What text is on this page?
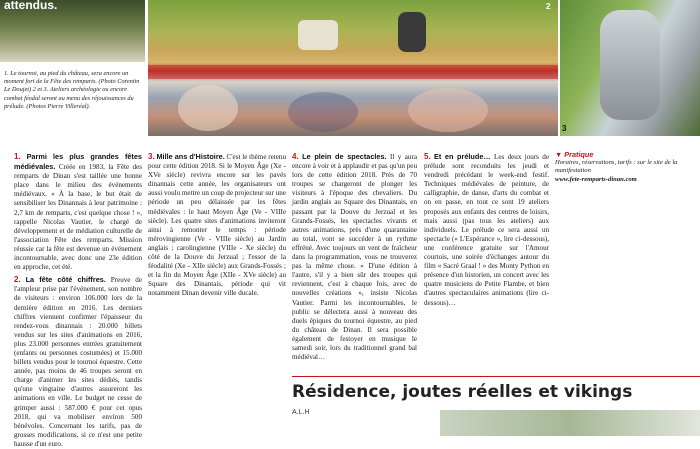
attendus.	2
3

1. Le tournoi, au pied du château, sera encore un moment fort de la Fête des remparts. (Photo Corentin Le Doujet) 2 et 3. Ateliers archéologie ou encore combat féodal seront au menu des réjouissances du prélude. (Photos Pierre Villeréal).

1. Parmi les plus grandes fêtes médiévales. Créée en 1983, la Fête des remparts de Dinan s'est taillée une bonne place dans le milieu des événements médiévaux. « À la base, le but était de sensibiliser les Dinannais à leur patrimoine : 2,7 km de remparts, c'est quelque chose ! », rappelle Nicolas Vautier, le chargé de développement et de médiation culturelle de l'association Fête des remparts. Mission réussie car la fête est devenue un événement incontournable, avec donc une 23e édition en approche, cet été.

2. La fête côté chiffres. Preuve de l'ampleur prise par l'événement, son nombre de visiteurs : environ 106.000 lors de la dernière édition en 2016. Les derniers chiffres viennent confirmer l'épaisseur du rendez-vous dinannais : 20.000 billets vendus sur les sites d'animations en 2016, plus 23.000 personnes entrées gratuitement (enfants ou personnes costumées) et 15.000 billets vendus pour le tournoi équestre. Cette année, pas moins de 46 troupes seront en charge d'animer les sites dédiés, tandis qu'une vingtaine d'autres assureront les animations en ville. Le budget ne cesse de grimper aussi : 587.000 € pour cet opus 2018, qui va mobiliser environ 500 bénévoles. Concernant les tarifs, pas de grosses modifications, si ce n'est une petite hausse d'un euro.

3. Mille ans d'Histoire. C'est le thème retenu pour cette édition 2018. Si le Moyen Âge (Xe - XVe siècle) revivra encore sur les pavés dinannais cette année, les organisateurs ont aussi voulu mettre un coup de projecteur sur une période un peu délaissée par les fêtes médiévales : le haut Moyen Âge (Ve - VIIIe siècle). Les quatre sites d'animations inviteront ainsi à remonter le temps : période mérovingienne (Ve - VIIIe siècle) au Jardin anglais ; carolingienne (VIIIe - Xe siècle) du côté de la Douve du Jerzual ; l'essor de la féodalité (Xe - XIIe siècle) aux Grands-Fossés ; et la fin du Moyen Âge (XIIe - XVe siècle) au Square des Dinantais, période qui vit notamment Dinan devenir ville ducale.

4. Le plein de spectacles. Il y aura encore à voir et à applaudir et pas qu'un peu lors de cette édition 2018. Près de 70 troupes se chargeront de plonger les visiteurs à l'époque des chevaliers. Du jardin anglais au Square des Dinantais, en passant par la Douve du Jerzual et les Grands-Fossés, les spectacles vivants et autres animations, près d'une quarantaine au total, vont se succéder à un rythme effréné. Avec toujours un vent de fraîcheur dans la programmation, vous ne trouverez pas la même chose. « D'une édition à l'autre, s'il y a bien sûr des troupes qui reviennent, c'est à chaque fois, avec de nouvelles créations », insiste Nicolas Vautier. Parmi les incontournables, le public se délectera aussi à nouveau des duels épiques du tournoi équestre, au pied du château de Dinan. Il sera possible également de festoyer en musique le samedi soir, lors du traditionnel grand bal médiéval…

5. Et en prélude… Les deux jours de prélude sont reconduits les jeudi et vendredi précédant le week-end festif. Techniques médiévales de peinture, de calligraphie, de danse, d'arts du combat et on en passe, en tout ce sont 19 ateliers proposés aux enfants des centres de loisirs, mais aussi (pas tous les ateliers) aux individuels. Le prélude ce sera aussi un spectacle (« L'Espérance », lire ci-dessous), une conférence gratuite sur l'Amour courtois, une soirée d'échanges autour du film « Sacré Graal ! » des Monty Python en présence d'un historien, un concert avec les quatre musiciens de Petite Flambe, et bien d'autres spectaculaires animations (lire ci-dessous)…

▼ Pratique
Horaires, réservations, tarifs : sur le site de la manifestation
www.fete-remparts-dinan.com
Résidence, joutes réelles et vikings
A.L.H
